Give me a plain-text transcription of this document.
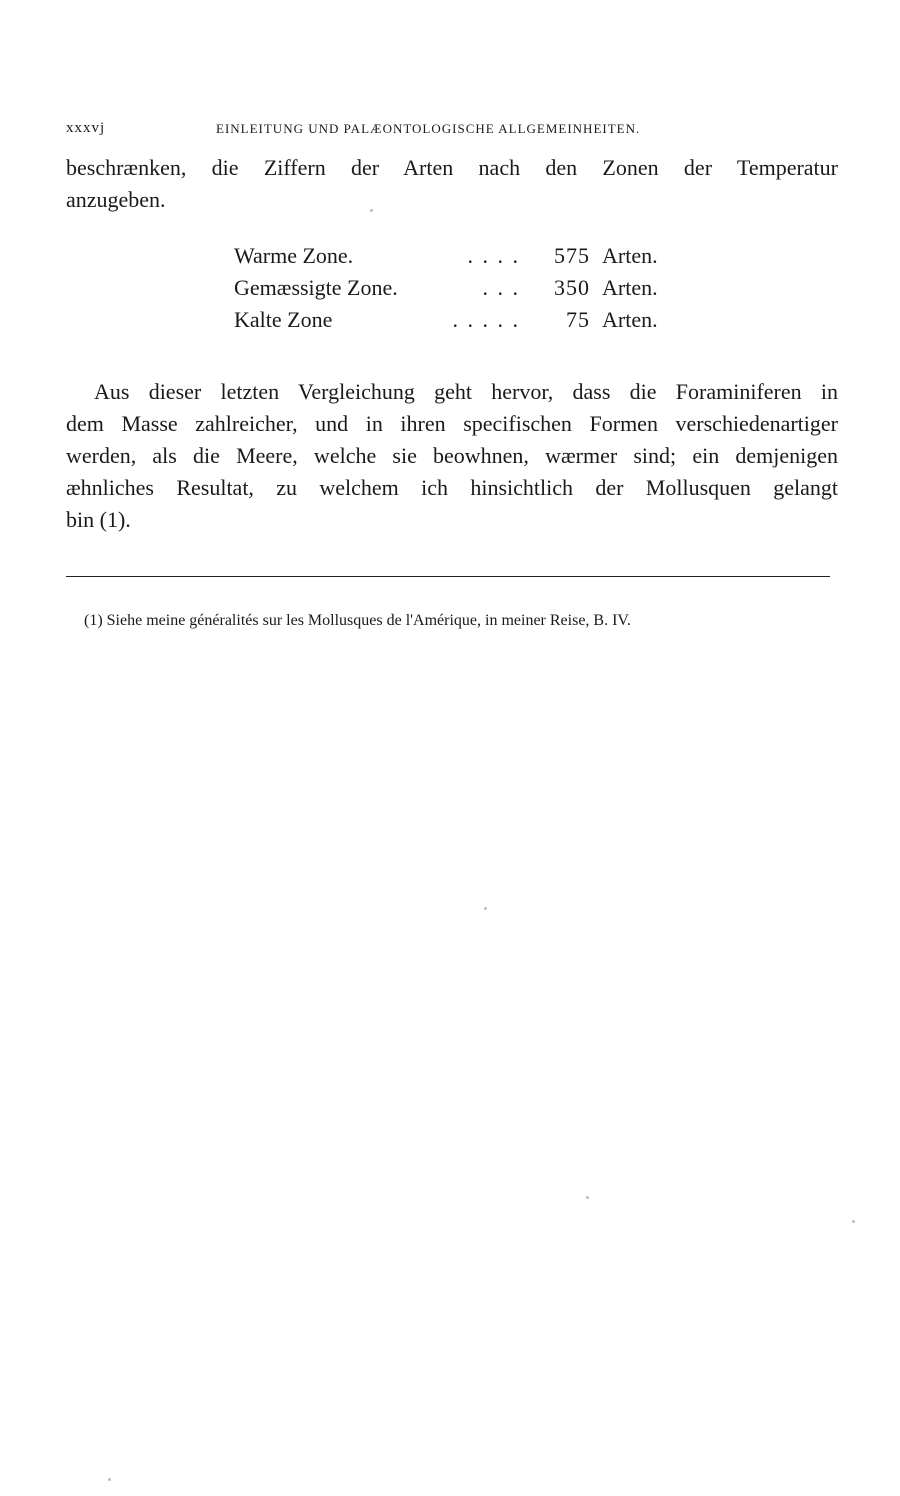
xxxvj	EINLEITUNG UND PALÆONTOLOGISCHE ALLGEMEINHEITEN.
beschrænken, die Ziffern der Arten nach den Zonen der Temperatur
anzugeben.
Warme Zone.	. . . . 575 Arten.
Gemæssigte Zone.	. . . 350 Arten.
Kalte Zone	. . . . . 75 Arten.
Aus dieser letzten Vergleichung geht hervor, dass die Foraminiferen in
dem Masse zahlreicher, und in ihren specifischen Formen verschiedenartiger
werden, als die Meere, welche sie beowhnen, wærmer sind; ein demjenigen
æhnliches Resultat, zu welchem ich hinsichtlich der Mollusquen gelangt
bin (1).
(1) Siehe meine généralités sur les Mollusques de l'Amérique, in meiner Reise, B. IV.
